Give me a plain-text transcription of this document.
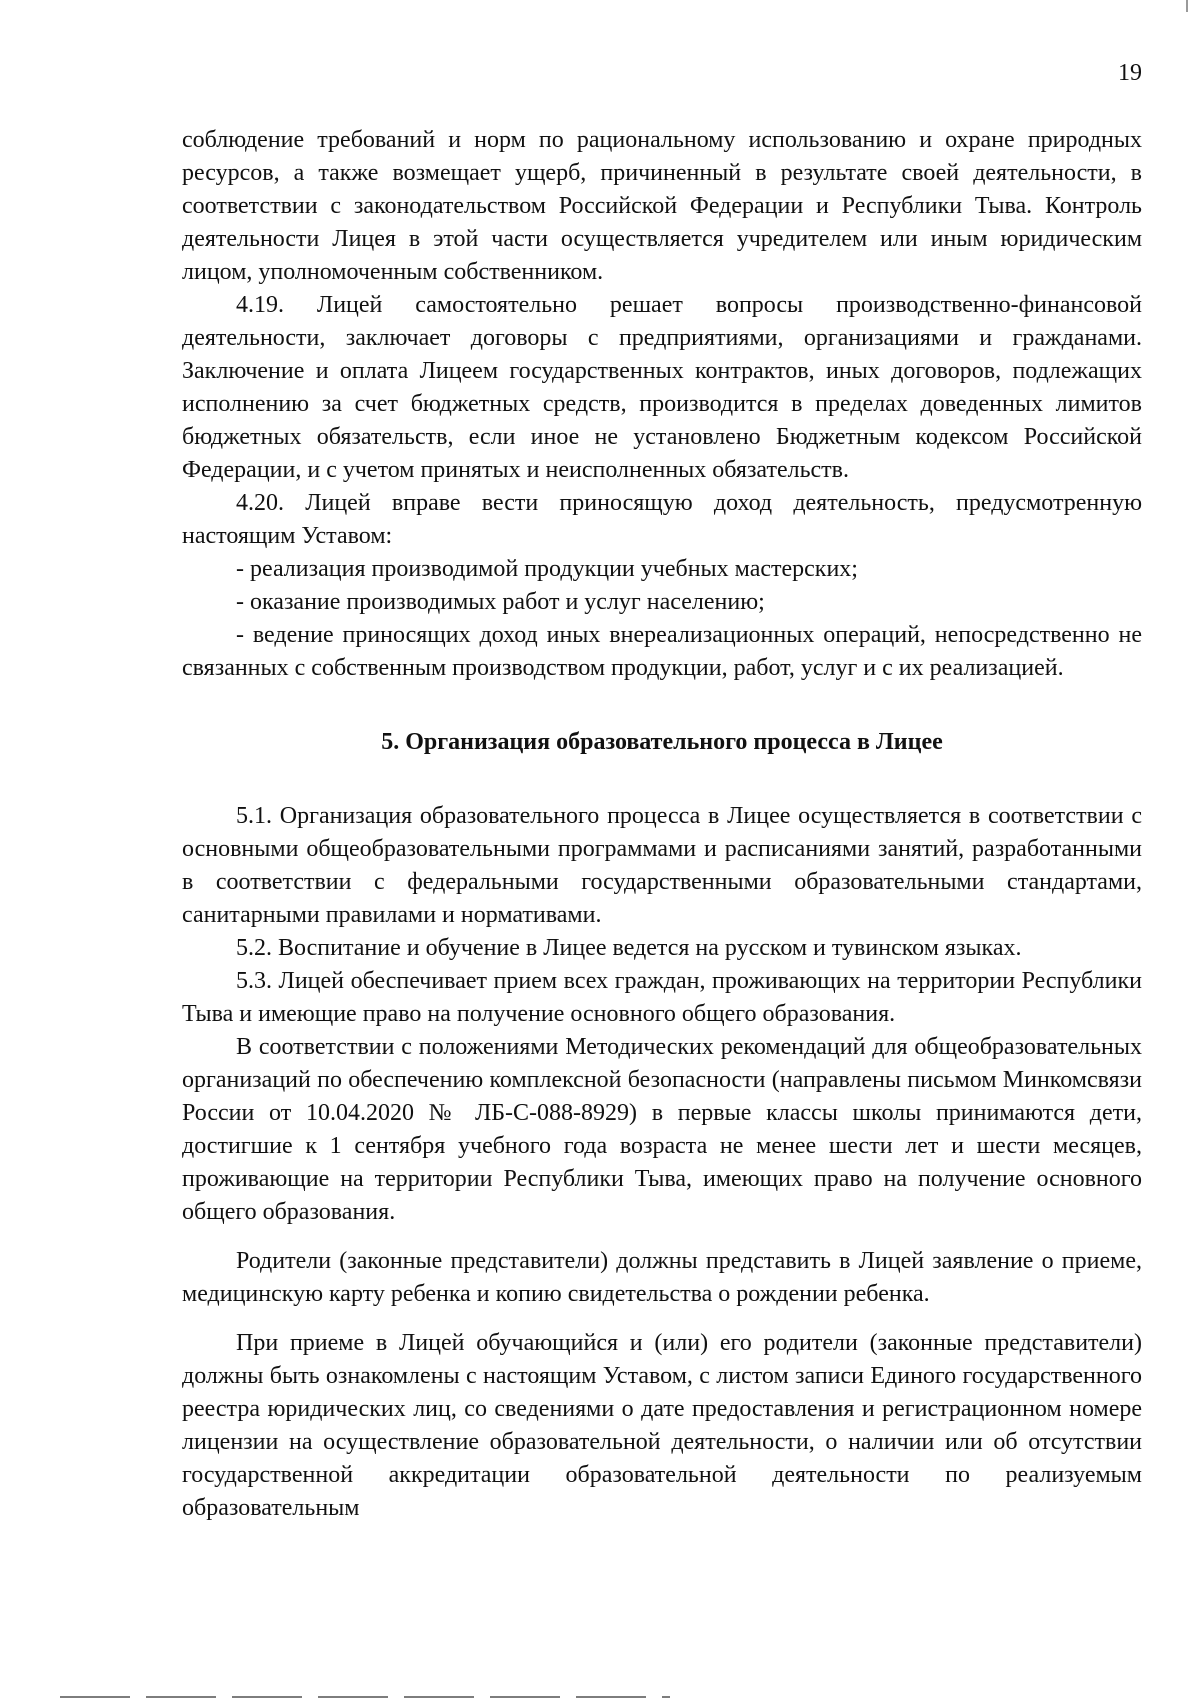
19

соблюдение требований и норм по рациональному использованию и охране природных ресурсов, а также возмещает ущерб, причиненный в результате своей деятельности, в соответствии с законодательством Российской Федерации и Республики Тыва. Контроль деятельности Лицея в этой части осуществляется учредителем или иным юридическим лицом, уполномоченным собственником.

4.19. Лицей самостоятельно решает вопросы производственно-финансовой деятельности, заключает договоры с предприятиями, организациями и гражданами. Заключение и оплата Лицеем государственных контрактов, иных договоров, подлежащих исполнению за счет бюджетных средств, производится в пределах доведенных лимитов бюджетных обязательств, если иное не установлено Бюджетным кодексом Российской Федерации, и с учетом принятых и неисполненных обязательств.

4.20. Лицей вправе вести приносящую доход деятельность, предусмотренную настоящим Уставом:

- реализация производимой продукции учебных мастерских;

- оказание производимых работ и услуг населению;

- ведение приносящих доход иных внереализационных операций, непосредственно не связанных с собственным производством продукции, работ, услуг и с их реализацией.

5. Организация образовательного процесса в Лицее

5.1. Организация образовательного процесса в Лицее осуществляется в соответствии с основными общеобразовательными программами и расписаниями занятий, разработанными в соответствии с федеральными государственными образовательными стандартами, санитарными правилами и нормативами.

5.2. Воспитание и обучение в Лицее ведется на русском и тувинском языках.

5.3. Лицей обеспечивает прием всех граждан, проживающих на территории Республики Тыва и имеющие право на получение основного общего образования.

В соответствии с положениями Методических рекомендаций для общеобразовательных организаций по обеспечению комплексной безопасности (направлены письмом Минкомсвязи России от 10.04.2020 № ЛБ-С-088-8929) в первые классы школы принимаются дети, достигшие к 1 сентября учебного года возраста не менее шести лет и шести месяцев, проживающие на территории Республики Тыва, имеющих право на получение основного общего образования.

Родители (законные представители) должны представить в Лицей заявление о приеме, медицинскую карту ребенка и копию свидетельства о рождении ребенка.

При приеме в Лицей обучающийся и (или) его родители (законные представители) должны быть ознакомлены с настоящим Уставом, с листом записи Единого государственного реестра юридических лиц, со сведениями о дате предоставления и регистрационном номере лицензии на осуществление образовательной деятельности, о наличии или об отсутствии государственной аккредитации образовательной деятельности по реализуемым образовательным
